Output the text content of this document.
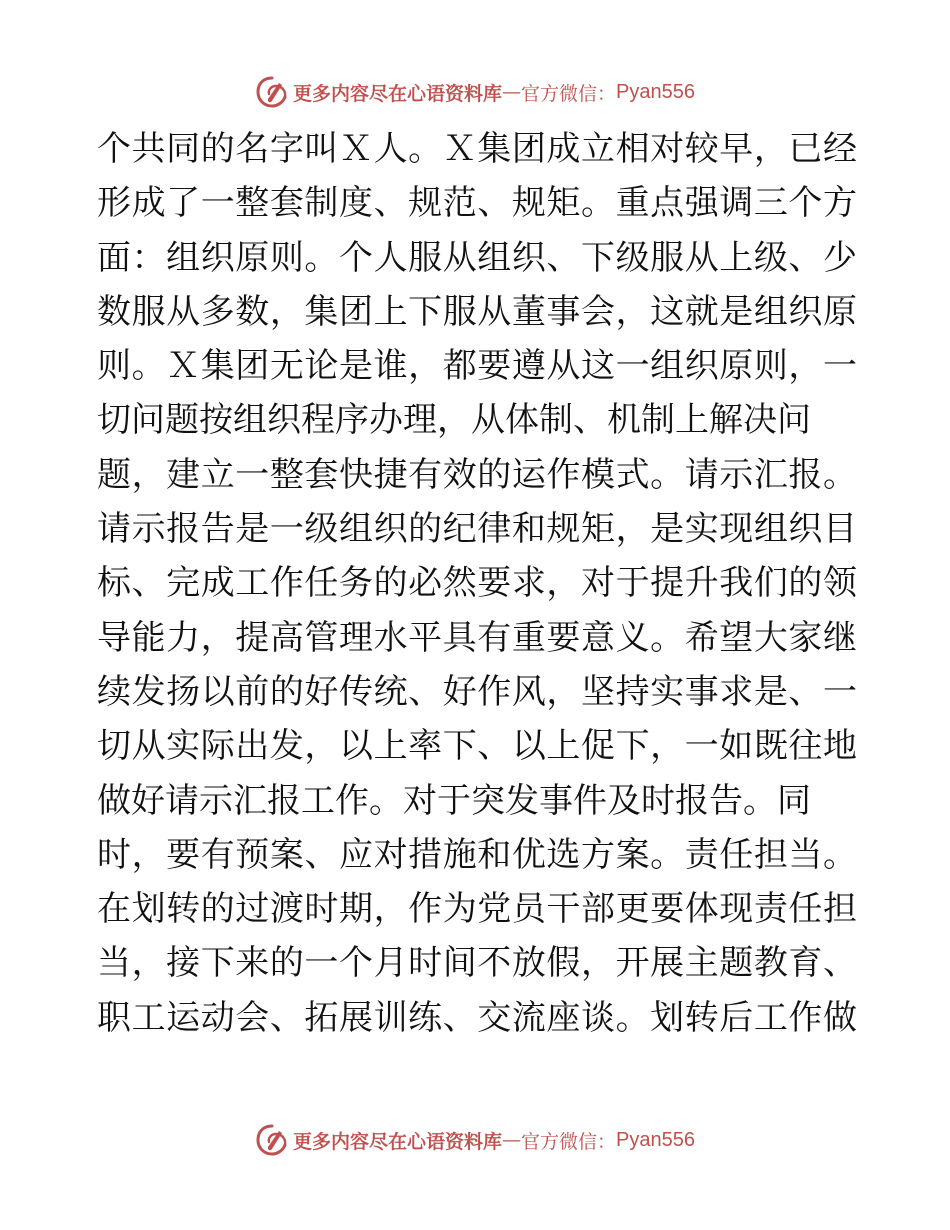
更多内容尽在心语资料库 — 官方微信： Pyan556
个共同的名字叫Ｘ人。Ｘ集团成立相对较早，已经
形成了一整套制度、规范、规矩。重点强调三个方
面：组织原则。个人服从组织、下级服从上级、少
数服从多数，集团上下服从董事会，这就是组织原
则。Ｘ集团无论是谁，都要遵从这一组织原则，一
切问题按组织程序办理，从体制、机制上解决问
题，建立一整套快捷有效的运作模式。请示汇报。
请示报告是一级组织的纪律和规矩，是实现组织目
标、完成工作任务的必然要求，对于提升我们的领
导能力，提高管理水平具有重要意义。希望大家继
续发扬以前的好传统、好作风，坚持实事求是、一
切从实际出发，以上率下、以上促下，一如既往地
做好请示汇报工作。对于突发事件及时报告。同
时，要有预案、应对措施和优选方案。责任担当。
在划转的过渡时期，作为党员干部更要体现责任担
当，接下来的一个月时间不放假，开展主题教育、
职工运动会、拓展训练、交流座谈。划转后工作做
更多内容尽在心语资料库 — 官方微信： Pyan556
